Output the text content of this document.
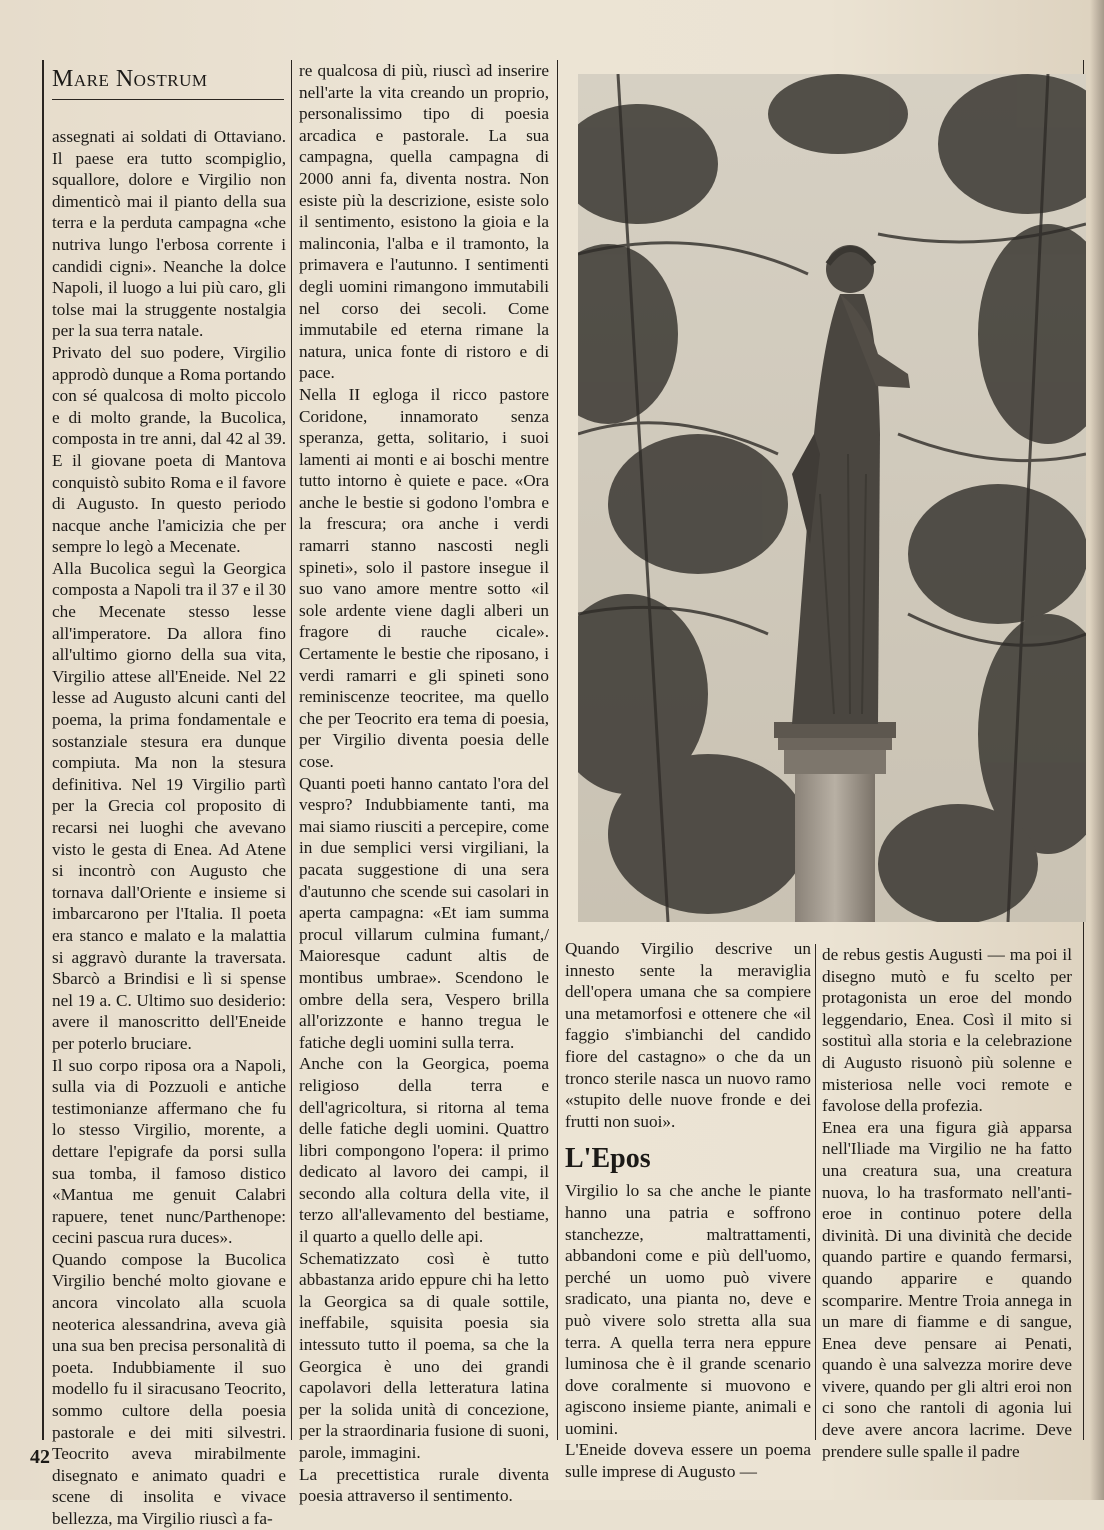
Mare Nostrum

assegnati ai soldati di Ottaviano. Il paese era tutto scompiglio, squallore, dolore e Virgilio non dimenticò mai il pianto della sua terra e la perduta campagna «che nutriva lungo l'erbosa corrente i candidi cigni». Neanche la dolce Napoli, il luogo a lui più caro, gli tolse mai la struggente nostalgia per la sua terra natale.

Privato del suo podere, Virgilio approdò dunque a Roma portando con sé qualcosa di molto piccolo e di molto grande, la Bucolica, composta in tre anni, dal 42 al 39. E il giovane poeta di Mantova conquistò subito Roma e il favore di Augusto. In questo periodo nacque anche l'amicizia che per sempre lo legò a Mecenate.

Alla Bucolica seguì la Georgica composta a Napoli tra il 37 e il 30 che Mecenate stesso lesse all'imperatore. Da allora fino all'ultimo giorno della sua vita, Virgilio attese all'Eneide. Nel 22 lesse ad Augusto alcuni canti del poema, la prima fondamentale e sostanziale stesura era dunque compiuta. Ma non la stesura definitiva. Nel 19 Virgilio partì per la Grecia col proposito di recarsi nei luoghi che avevano visto le gesta di Enea. Ad Atene si incontrò con Augusto che tornava dall'Oriente e insieme si imbarcarono per l'Italia. Il poeta era stanco e malato e la malattia si aggravò durante la traversata. Sbarcò a Brindisi e lì si spense nel 19 a. C. Ultimo suo desiderio: avere il manoscritto dell'Eneide per poterlo bruciare.

Il suo corpo riposa ora a Napoli, sulla via di Pozzuoli e antiche testimonianze affermano che fu lo stesso Virgilio, morente, a dettare l'epigrafe da porsi sulla sua tomba, il famoso distico «Mantua me genuit Calabri rapuere, tenet nunc/Parthenope: cecini pascua rura duces».

Quando compose la Bucolica Virgilio benché molto giovane e ancora vincolato alla scuola neoterica alessandrina, aveva già una sua ben precisa personalità di poeta. Indubbiamente il suo modello fu il siracusano Teocrito, sommo cultore della poesia pastorale e dei miti silvestri. Teocrito aveva mirabilmente disegnato e animato quadri e scene di insolita e vivace bellezza, ma Virgilio riuscì a fa-

re qualcosa di più, riuscì ad inserire nell'arte la vita creando un proprio, personalissimo tipo di poesia arcadica e pastorale. La sua campagna, quella campagna di 2000 anni fa, diventa nostra. Non esiste più la descrizione, esiste solo il sentimento, esistono la gioia e la malinconia, l'alba e il tramonto, la primavera e l'autunno. I sentimenti degli uomini rimangono immutabili nel corso dei secoli. Come immutabile ed eterna rimane la natura, unica fonte di ristoro e di pace.

Nella II egloga il ricco pastore Coridone, innamorato senza speranza, getta, solitario, i suoi lamenti ai monti e ai boschi mentre tutto intorno è quiete e pace. «Ora anche le bestie si godono l'ombra e la frescura; ora anche i verdi ramarri stanno nascosti negli spineti», solo il pastore insegue il suo vano amore mentre sotto «il sole ardente viene dagli alberi un fragore di rauche cicale». Certamente le bestie che riposano, i verdi ramarri e gli spineti sono reminiscenze teocritee, ma quello che per Teocrito era tema di poesia, per Virgilio diventa poesia delle cose.

Quanti poeti hanno cantato l'ora del vespro? Indubbiamente tanti, ma mai siamo riusciti a percepire, come in due semplici versi virgiliani, la pacata suggestione di una sera d'autunno che scende sui casolari in aperta campagna: «Et iam summa procul villarum culmina fumant,/ Maioresque cadunt altis de montibus umbrae». Scendono le ombre della sera, Vespero brilla all'orizzonte e hanno tregua le fatiche degli uomini sulla terra.

Anche con la Georgica, poema religioso della terra e dell'agricoltura, si ritorna al tema delle fatiche degli uomini. Quattro libri compongono l'opera: il primo dedicato al lavoro dei campi, il secondo alla coltura della vite, il terzo all'allevamento del bestiame, il quarto a quello delle api.

Schematizzato così è tutto abbastanza arido eppure chi ha letto la Georgica sa di quale sottile, ineffabile, squisita poesia sia intessuto tutto il poema, sa che la Georgica è uno dei grandi capolavori della letteratura latina per la solida unità di concezione, per la straordinaria fusione di suoni, parole, immagini.

La precettistica rurale diventa poesia attraverso il sentimento.

Quando Virgilio descrive un innesto sente la meraviglia dell'opera umana che sa compiere una metamorfosi e ottenere che «il faggio s'imbianchi del candido fiore del castagno» o che da un tronco sterile nasca un nuovo ramo «stupito delle nuove fronde e dei frutti non suoi».

L'Epos

Virgilio lo sa che anche le piante hanno una patria e soffrono stanchezze, maltrattamenti, abbandoni come e più dell'uomo, perché un uomo può vivere sradicato, una pianta no, deve e può vivere solo stretta alla sua terra. A quella terra nera eppure luminosa che è il grande scenario dove coralmente si muovono e agiscono insieme piante, animali e uomini.

L'Eneide doveva essere un poema sulle imprese di Augusto —

de rebus gestis Augusti — ma poi il disegno mutò e fu scelto per protagonista un eroe del mondo leggendario, Enea. Così il mito si sostituì alla storia e la celebrazione di Augusto risuonò più solenne e misteriosa nelle voci remote e favolose della profezia.

Enea era una figura già apparsa nell'Iliade ma Virgilio ne ha fatto una creatura sua, una creatura nuova, lo ha trasformato nell'anti-eroe in continuo potere della divinità. Di una divinità che decide quando partire e quando fermarsi, quando apparire e quando scomparire. Mentre Troia annega in un mare di fiamme e di sangue, Enea deve pensare ai Penati, quando è una salvezza morire deve vivere, quando per gli altri eroi non ci sono che rantoli di agonia lui deve avere ancora lacrime. Deve prendere sulle spalle il padre

42
